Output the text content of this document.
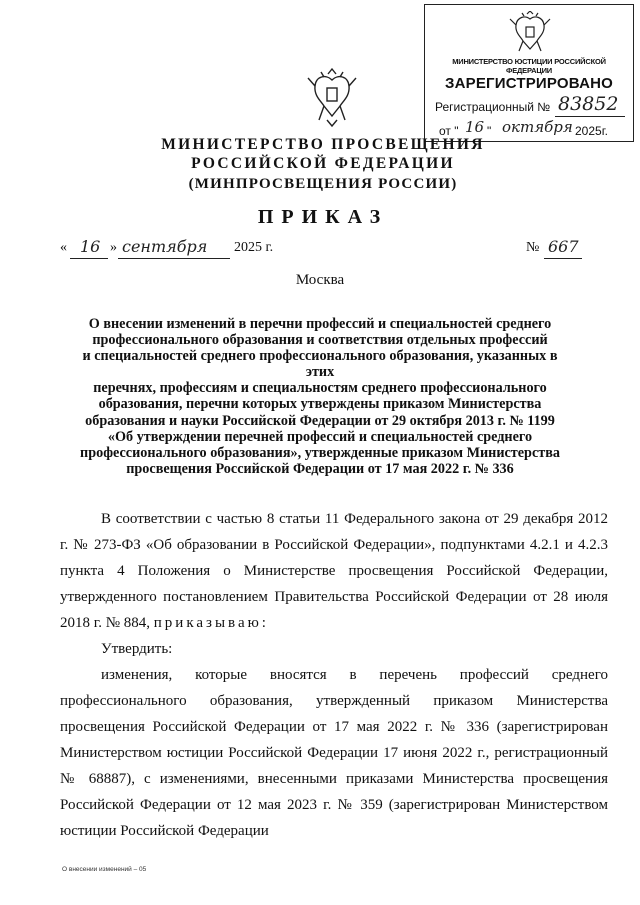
МИНИСТЕРСТВО ЮСТИЦИИ РОССИЙСКОЙ ФЕДЕРАЦИИ
ЗАРЕГИСТРИРОВАНО
Регистрационный № 83852
от " 16 " октября 2025г.
МИНИСТЕРСТВО ПРОСВЕЩЕНИЯ
РОССИЙСКОЙ ФЕДЕРАЦИИ
(МИНПРОСВЕЩЕНИЯ РОССИИ)
ПРИКАЗ
« 16 » сентября 2025 г.	№ 667
Москва
О внесении изменений в перечни профессий и специальностей среднего
профессионального образования и соответствия отдельных профессий
и специальностей среднего профессионального образования, указанных в этих
перечнях, профессиям и специальностям среднего профессионального
образования, перечни которых утверждены приказом Министерства
образования и науки Российской Федерации от 29 октября 2013 г. № 1199
«Об утверждении перечней профессий и специальностей среднего
профессионального образования», утвержденные приказом Министерства
просвещения Российской Федерации от 17 мая 2022 г. № 336

В соответствии с частью 8 статьи 11 Федерального закона от 29 декабря 2012 г. № 273-ФЗ «Об образовании в Российской Федерации», подпунктами 4.2.1 и 4.2.3 пункта 4 Положения о Министерстве просвещения Российской Федерации, утвержденного постановлением Правительства Российской Федерации от 28 июля 2018 г. № 884, приказываю:

Утвердить:

изменения, которые вносятся в перечень профессий среднего профессионального образования, утвержденный приказом Министерства просвещения Российской Федерации от 17 мая 2022 г. № 336 (зарегистрирован Министерством юстиции Российской Федерации 17 июня 2022 г., регистрационный № 68887), с изменениями, внесенными приказами Министерства просвещения Российской Федерации от 12 мая 2023 г. № 359 (зарегистрирован Министерством юстиции Российской Федерации

О внесении изменений – 05
